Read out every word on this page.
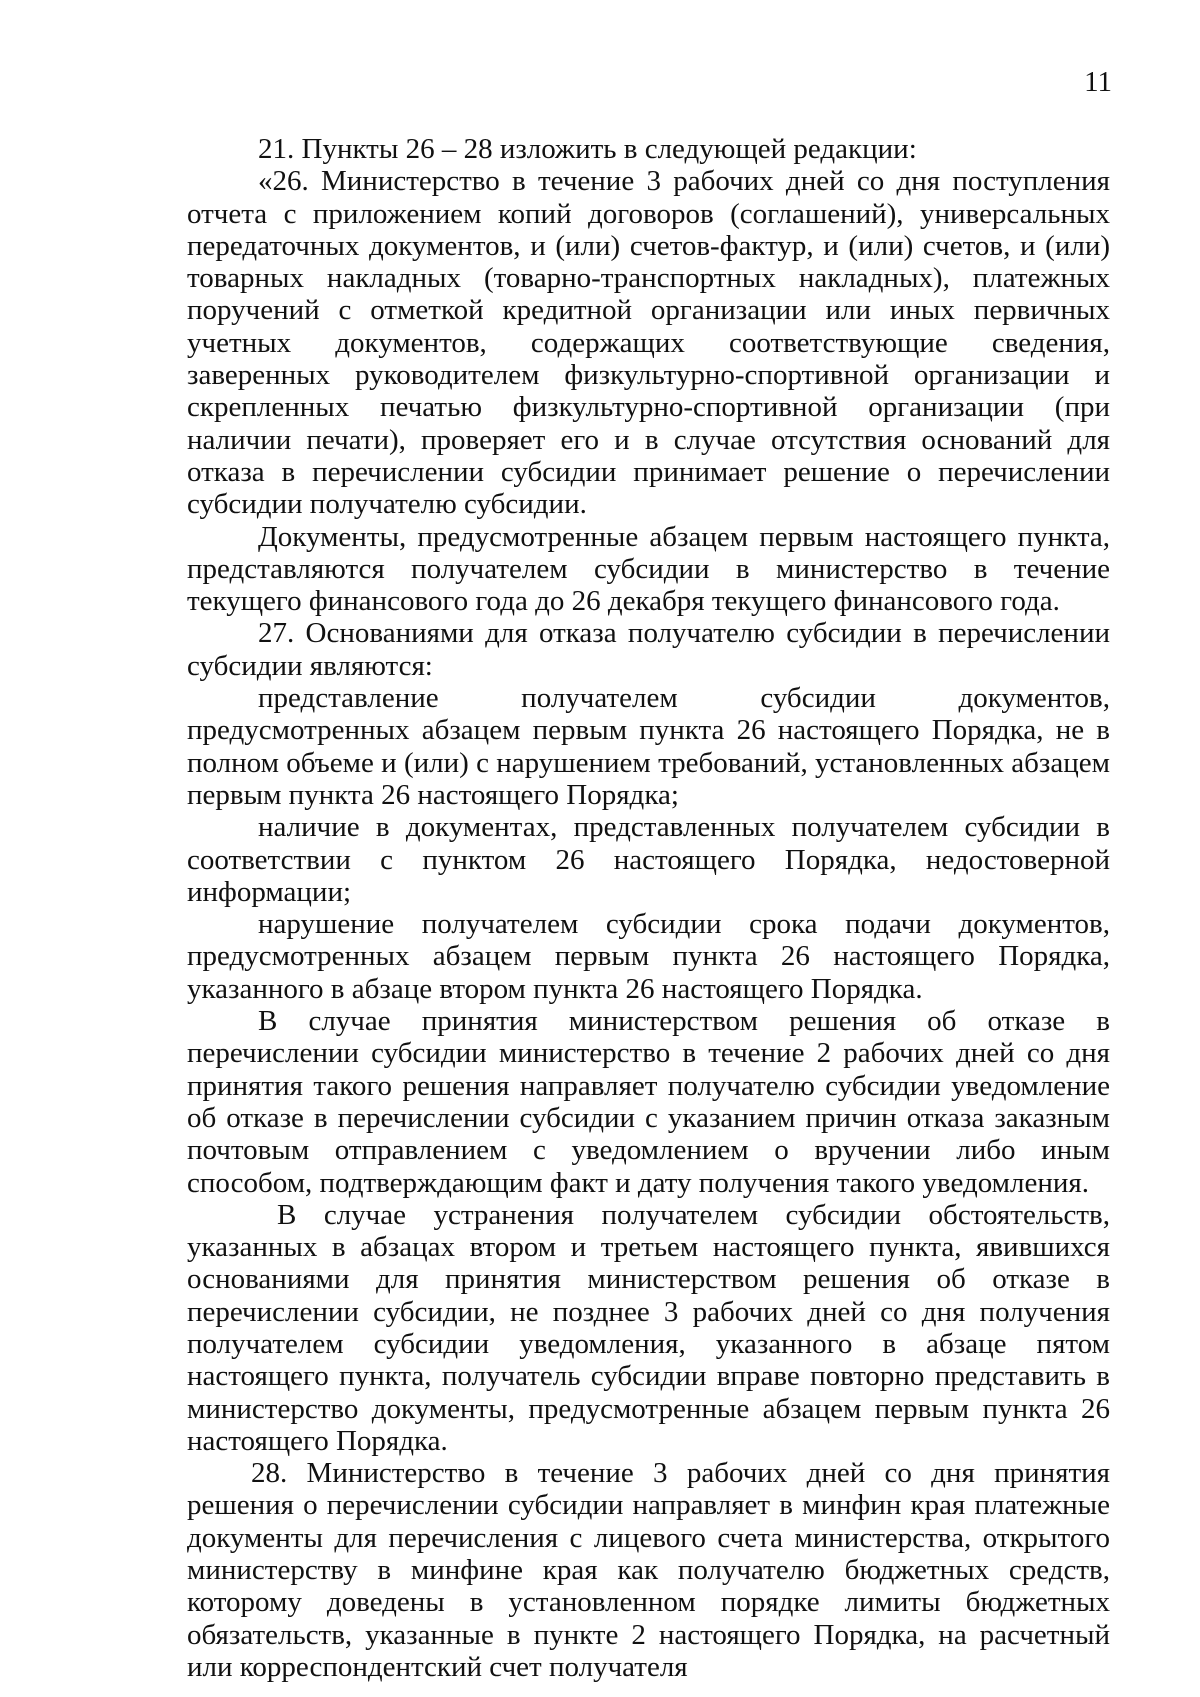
11

21. Пункты 26 – 28 изложить в следующей редакции:

«26. Министерство в течение 3 рабочих дней со дня поступления отчета с приложением копий договоров (соглашений), универсальных передаточных документов, и (или) счетов-фактур, и (или) счетов, и (или) товарных накладных (товарно-транспортных накладных), платежных поручений с отметкой кредитной организации или иных первичных учетных документов, содержащих соответствующие сведения, заверенных руководителем физкультурно-спортивной организации и скрепленных печатью физкультурно-спортивной организации (при наличии печати), проверяет его и в случае отсутствия оснований для отказа в перечислении субсидии принимает решение о перечислении субсидии получателю субсидии.

Документы, предусмотренные абзацем первым настоящего пункта, представляются получателем субсидии в министерство в течение текущего финансового года до 26 декабря текущего финансового года.

27. Основаниями для отказа получателю субсидии в перечислении субсидии являются:

представление получателем субсидии документов, предусмотренных абзацем первым пункта 26 настоящего Порядка, не в полном объеме и (или) с нарушением требований, установленных абзацем первым пункта 26 настоящего Порядка;

наличие в документах, представленных получателем субсидии в соответствии с пунктом 26 настоящего Порядка, недостоверной информации;

нарушение получателем субсидии срока подачи документов, предусмотренных абзацем первым пункта 26 настоящего Порядка, указанного в абзаце втором пункта 26 настоящего Порядка.

В случае принятия министерством решения об отказе в перечислении субсидии министерство в течение 2 рабочих дней со дня принятия такого решения направляет получателю субсидии уведомление об отказе в перечислении субсидии с указанием причин отказа заказным почтовым отправлением с уведомлением о вручении либо иным способом, подтверждающим факт и дату получения такого уведомления.

В случае устранения получателем субсидии обстоятельств, указанных в абзацах втором и третьем настоящего пункта, явившихся основаниями для принятия министерством решения об отказе в перечислении субсидии, не позднее 3 рабочих дней со дня получения получателем субсидии уведомления, указанного в абзаце пятом настоящего пункта, получатель субсидии вправе повторно представить в министерство документы, предусмотренные абзацем первым пункта 26 настоящего Порядка.

28. Министерство в течение 3 рабочих дней со дня принятия решения о перечислении субсидии направляет в минфин края платежные документы для перечисления с лицевого счета министерства, открытого министерству в минфине края как получателю бюджетных средств, которому доведены в установленном порядке лимиты бюджетных обязательств, указанные в пункте 2 настоящего Порядка, на расчетный или корреспондентский счет получателя
